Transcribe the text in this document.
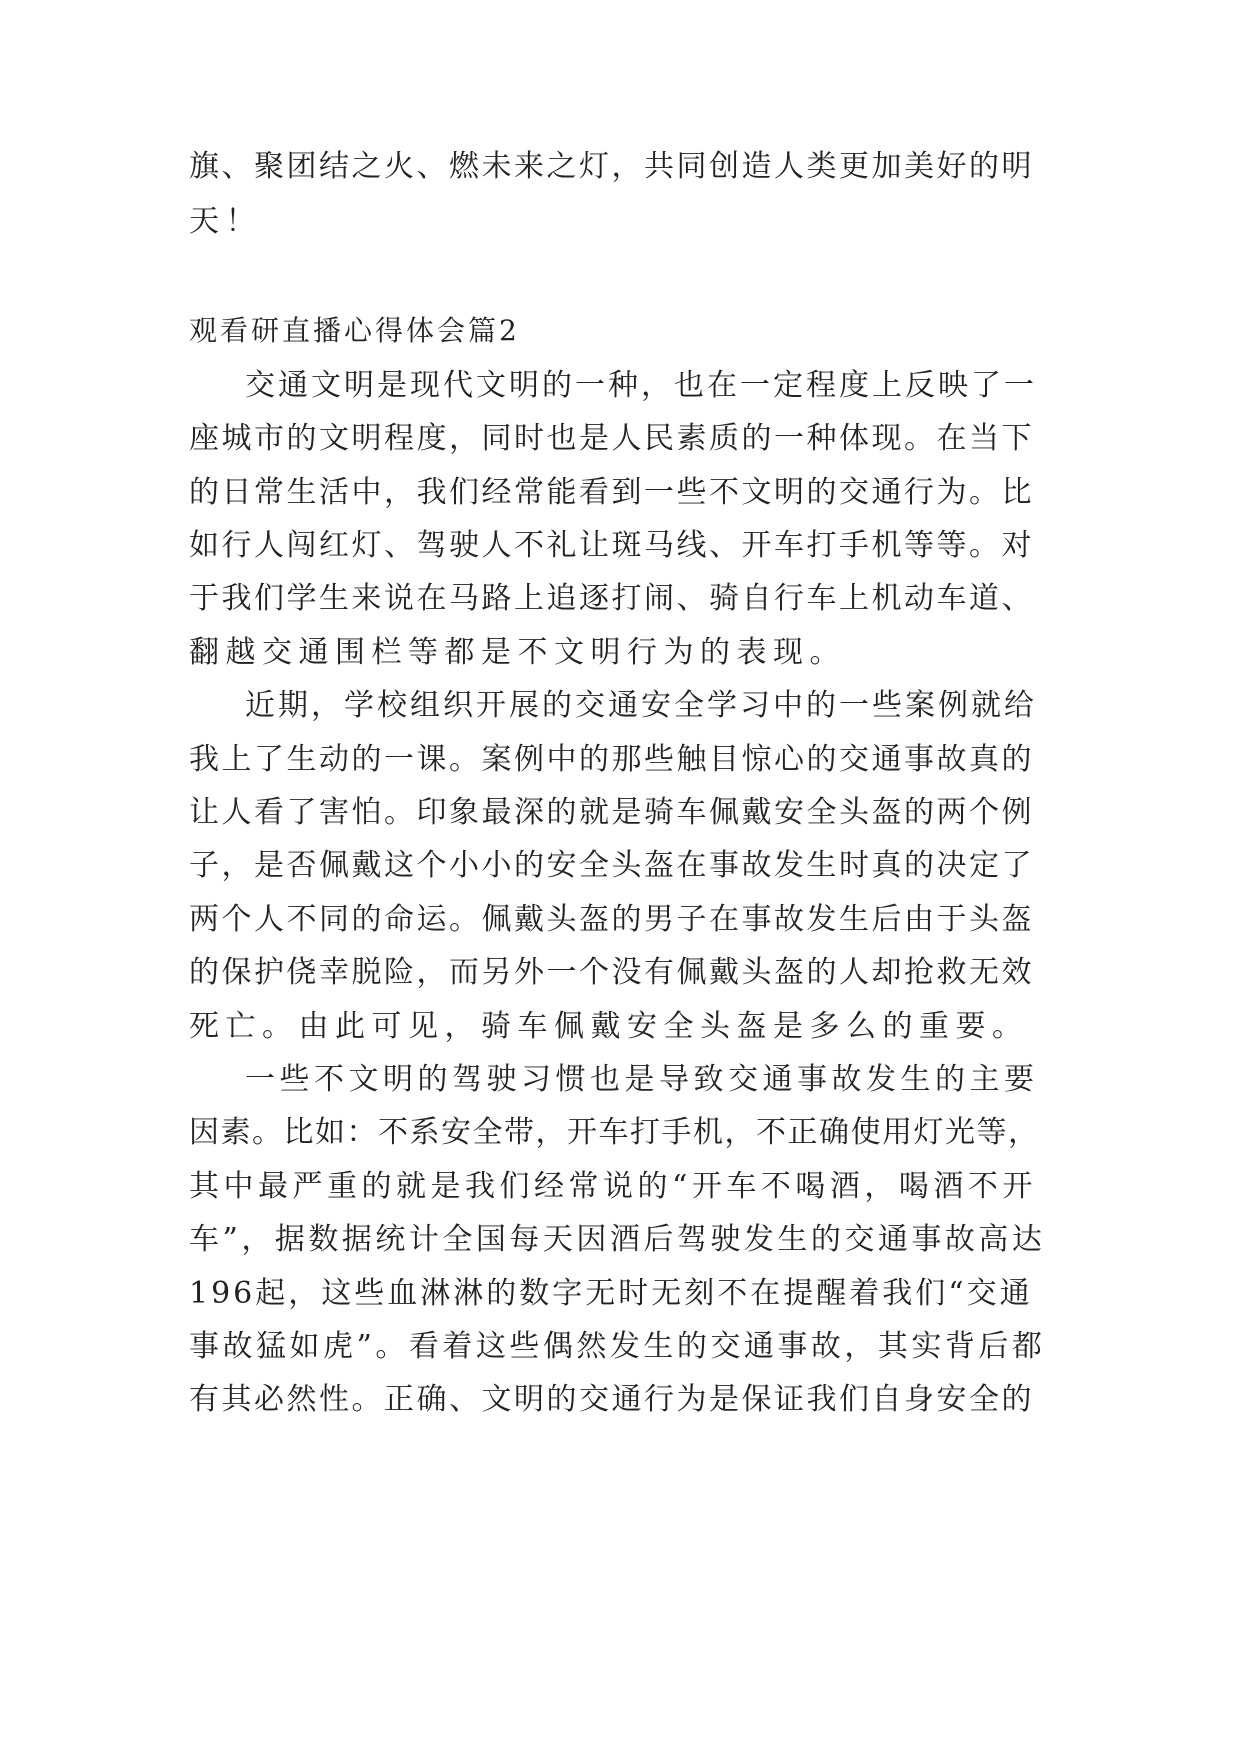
旗、聚团结之火、燃未来之灯，共同创造人类更加美好的明
天！
观看研直播心得体会篇2
交通文明是现代文明的一种，也在一定程度上反映了一
座城市的文明程度，同时也是人民素质的一种体现。在当下
的日常生活中，我们经常能看到一些不文明的交通行为。比
如行人闯红灯、驾驶人不礼让斑马线、开车打手机等等。对
于我们学生来说在马路上追逐打闹、骑自行车上机动车道、
翻越交通围栏等都是不文明行为的表现。
近期，学校组织开展的交通安全学习中的一些案例就给
我上了生动的一课。案例中的那些触目惊心的交通事故真的
让人看了害怕。印象最深的就是骑车佩戴安全头盔的两个例
子，是否佩戴这个小小的安全头盔在事故发生时真的决定了
两个人不同的命运。佩戴头盔的男子在事故发生后由于头盔
的保护侥幸脱险，而另外一个没有佩戴头盔的人却抢救无效
死亡。由此可见，骑车佩戴安全头盔是多么的重要。
一些不文明的驾驶习惯也是导致交通事故发生的主要
因素。比如：不系安全带，开车打手机，不正确使用灯光等，
其中最严重的就是我们经常说的“开车不喝酒，喝酒不开
车”，据数据统计全国每天因酒后驾驶发生的交通事故高达
196起，这些血淋淋的数字无时无刻不在提醒着我们“交通
事故猛如虎”。看着这些偶然发生的交通事故，其实背后都
有其必然性。正确、文明的交通行为是保证我们自身安全的
